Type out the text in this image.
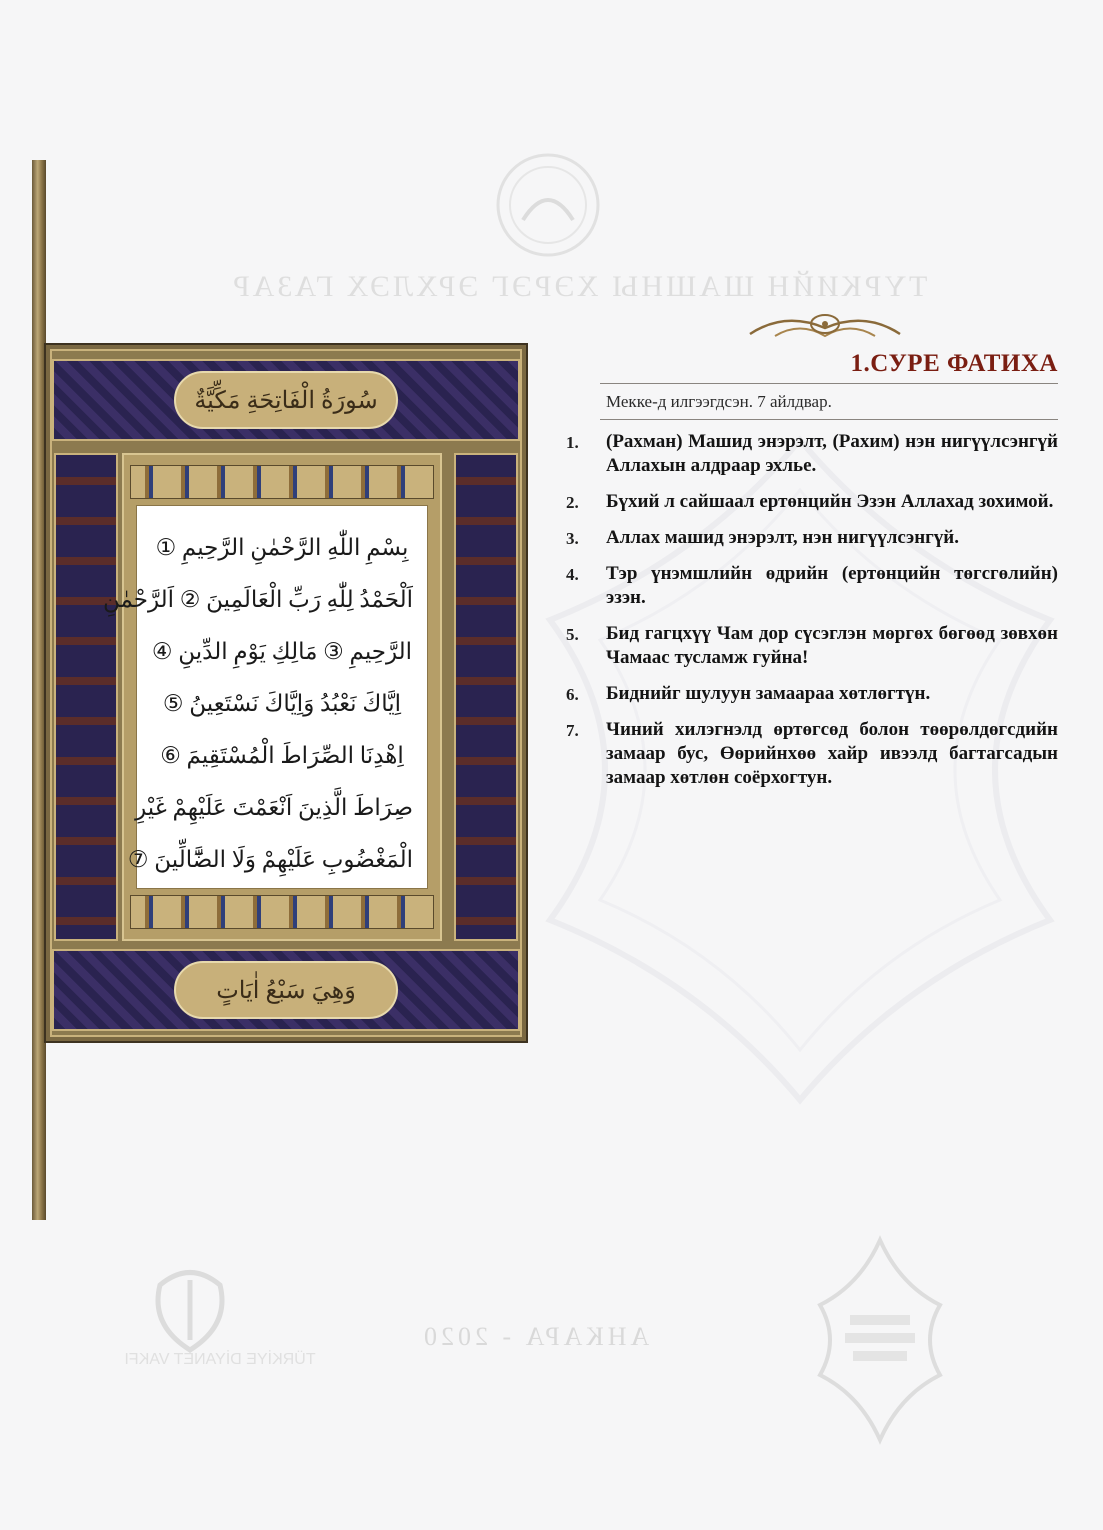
ТҮРКИЙН ШАШНЫ ХЭРЭГ ЭРХЛЭХ ГАЗАР
TÜRKİYE DİYANET VAKFI
АНКАРА - 2020
سُورَةُ الْفَاتِحَةِ مَكِّيَّةٌ
بِسْمِ اللّٰهِ الرَّحْمٰنِ الرَّحِيمِ ①
اَلْحَمْدُ لِلّٰهِ رَبِّ الْعَالَمِينَ ② اَلرَّحْمٰنِ
الرَّحِيمِ ③ مَالِكِ يَوْمِ الدِّينِ ④
اِيَّاكَ نَعْبُدُ وَاِيَّاكَ نَسْتَعِينُ ⑤
اِهْدِنَا الصِّرَاطَ الْمُسْتَقِيمَ ⑥
صِرَاطَ الَّذِينَ اَنْعَمْتَ عَلَيْهِمْ غَيْرِ
الْمَغْضُوبِ عَلَيْهِمْ وَلَا الضَّٓالِّينَ ⑦
وَهِيَ سَبْعُ اٰيَاتٍ
1.СУРЕ ФАТИХА
Мекке-д илгээгдсэн. 7 айлдвар.
1.	(Рахман) Машид энэрэлт, (Рахим) нэн нигүүлсэнгүй Аллахын алдраар эхлье.
2.	Бүхий л сайшаал ертөнцийн Эзэн Аллахад зохимой.
3.	Аллах машид энэрэлт, нэн нигүүлсэнгүй.
4.	Тэр үнэмшлийн өдрийн (ертөнцийн төгсгөлийн) эзэн.
5.	Бид гагцхүү Чам дор сүсэглэн мөргөх бөгөөд зөвхөн Чамаас тусламж гуйна!
6.	Биднийг шулуун замаараа хөтлөгтүн.
7.	Чиний хилэгнэлд өртөгсөд болон төөрөлдөгсдийн замаар бус, Өөрийнхөө хайр ивээлд багтагсадын замаар хөтлөн соёрхогтун.
